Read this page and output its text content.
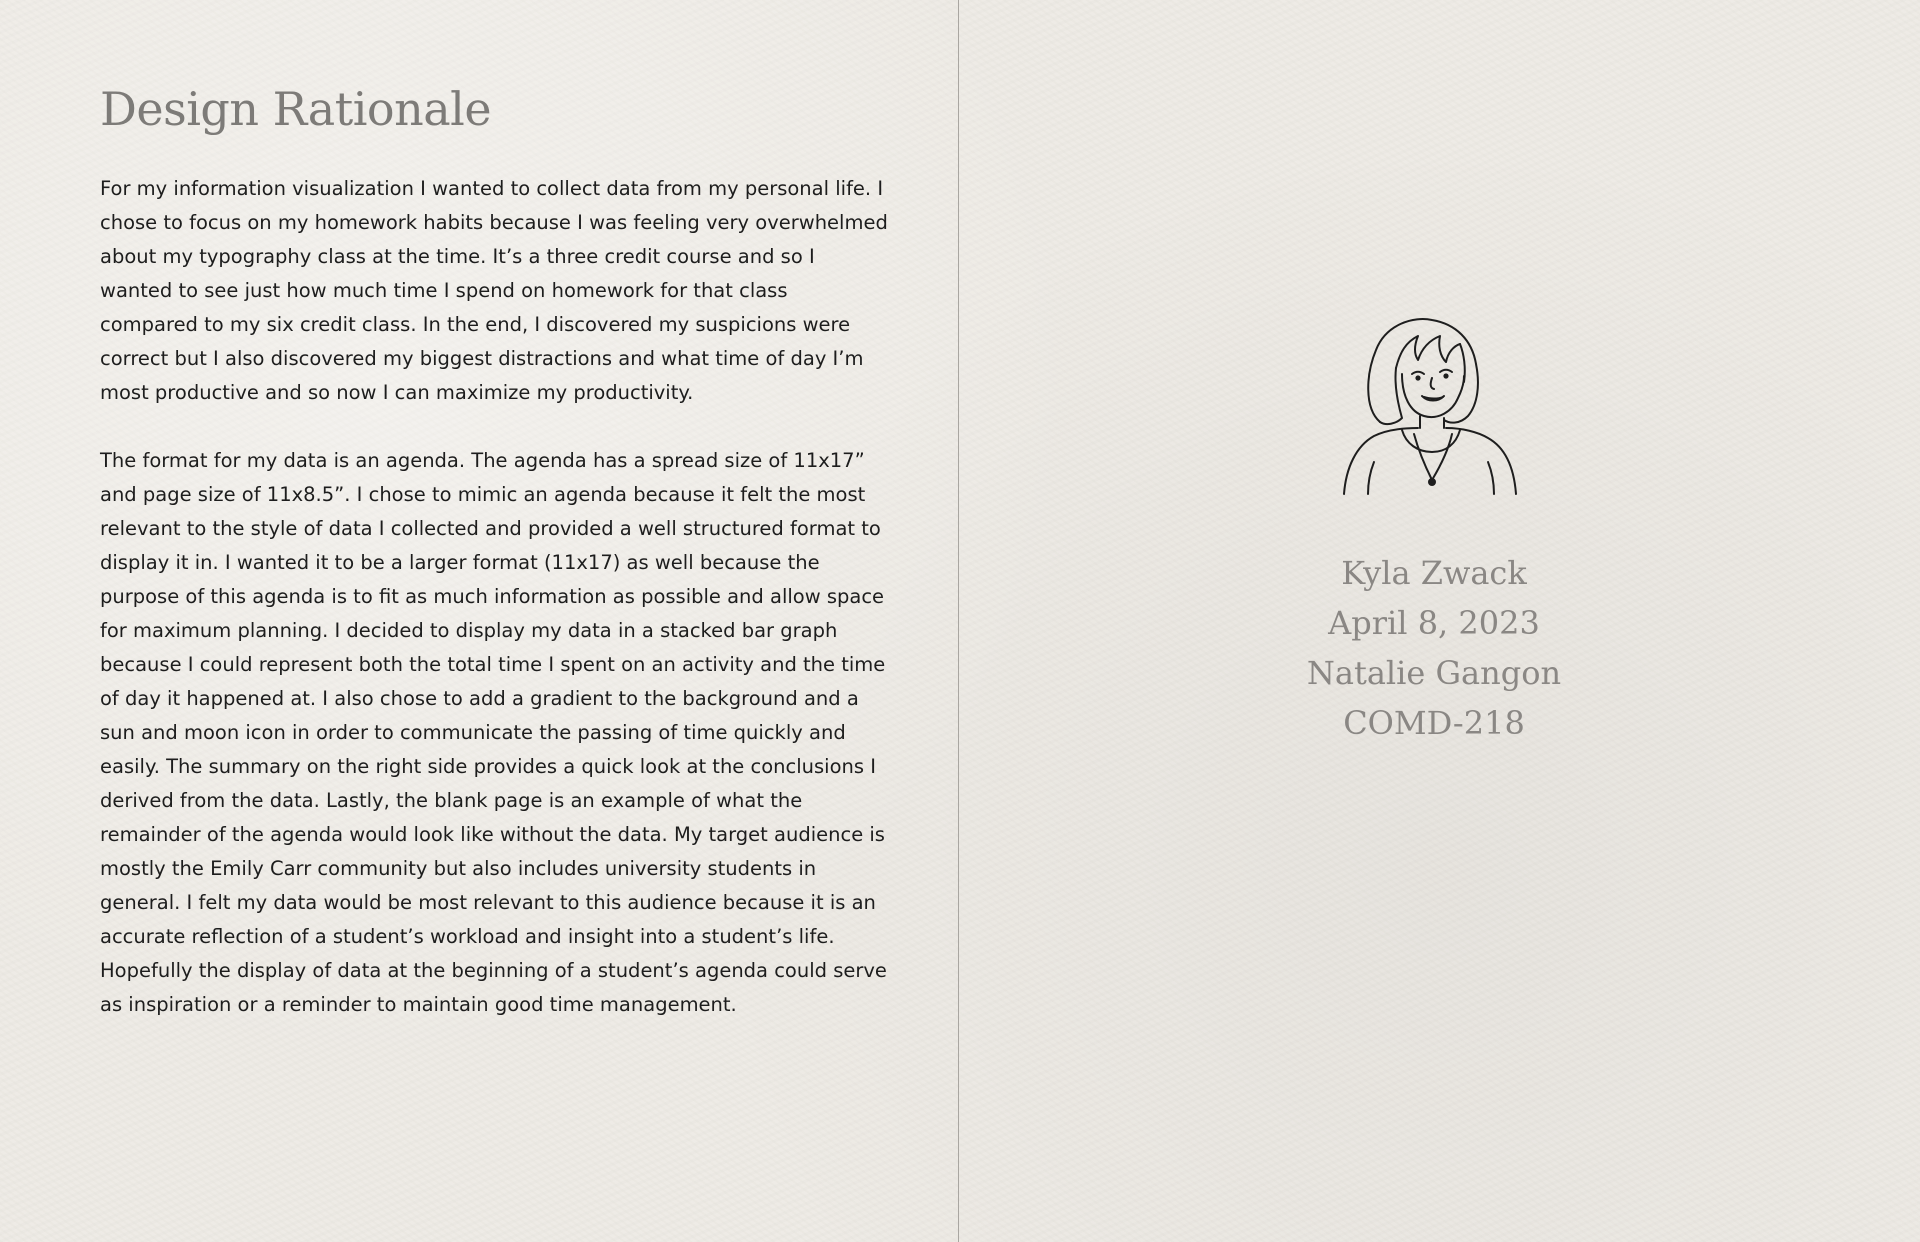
Design Rationale

For my information visualization I wanted to collect data from my personal life. I chose to focus on my homework habits because I was feeling very overwhelmed about my typography class at the time. It’s a three credit course and so I wanted to see just how much time I spend on homework for that class compared to my six credit class. In the end, I discovered my suspicions were correct but I also discovered my biggest distractions and what time of day I’m most productive and so now I can maximize my productivity.

The format for my data is an agenda. The agenda has a spread size of 11x17” and page size of 11x8.5”. I chose to mimic an agenda because it felt the most relevant to the style of data I collected and provided a well structured format to display it in. I wanted it to be a larger format (11x17) as well because the purpose of this agenda is to fit as much information as possible and allow space for maximum planning. I decided to display my data in a stacked bar graph because I could represent both the total time I spent on an activity and the time of day it happened at. I also chose to add a gradient to the background and a sun and moon icon in order to communicate the passing of time quickly and easily. The summary on the right side provides a quick look at the conclusions I derived from the data. Lastly, the blank page is an example of what the remainder of the agenda would look like without the data. My target audience is mostly the Emily Carr community but also includes university students in general. I felt my data would be most relevant to this audience because it is an accurate reflection of a student’s workload and insight into a student’s life. Hopefully the display of data at the beginning of a student’s agenda could serve as inspiration or a reminder to maintain good time management.

Kyla Zwack
April 8, 2023
Natalie Gangon
COMD-218
